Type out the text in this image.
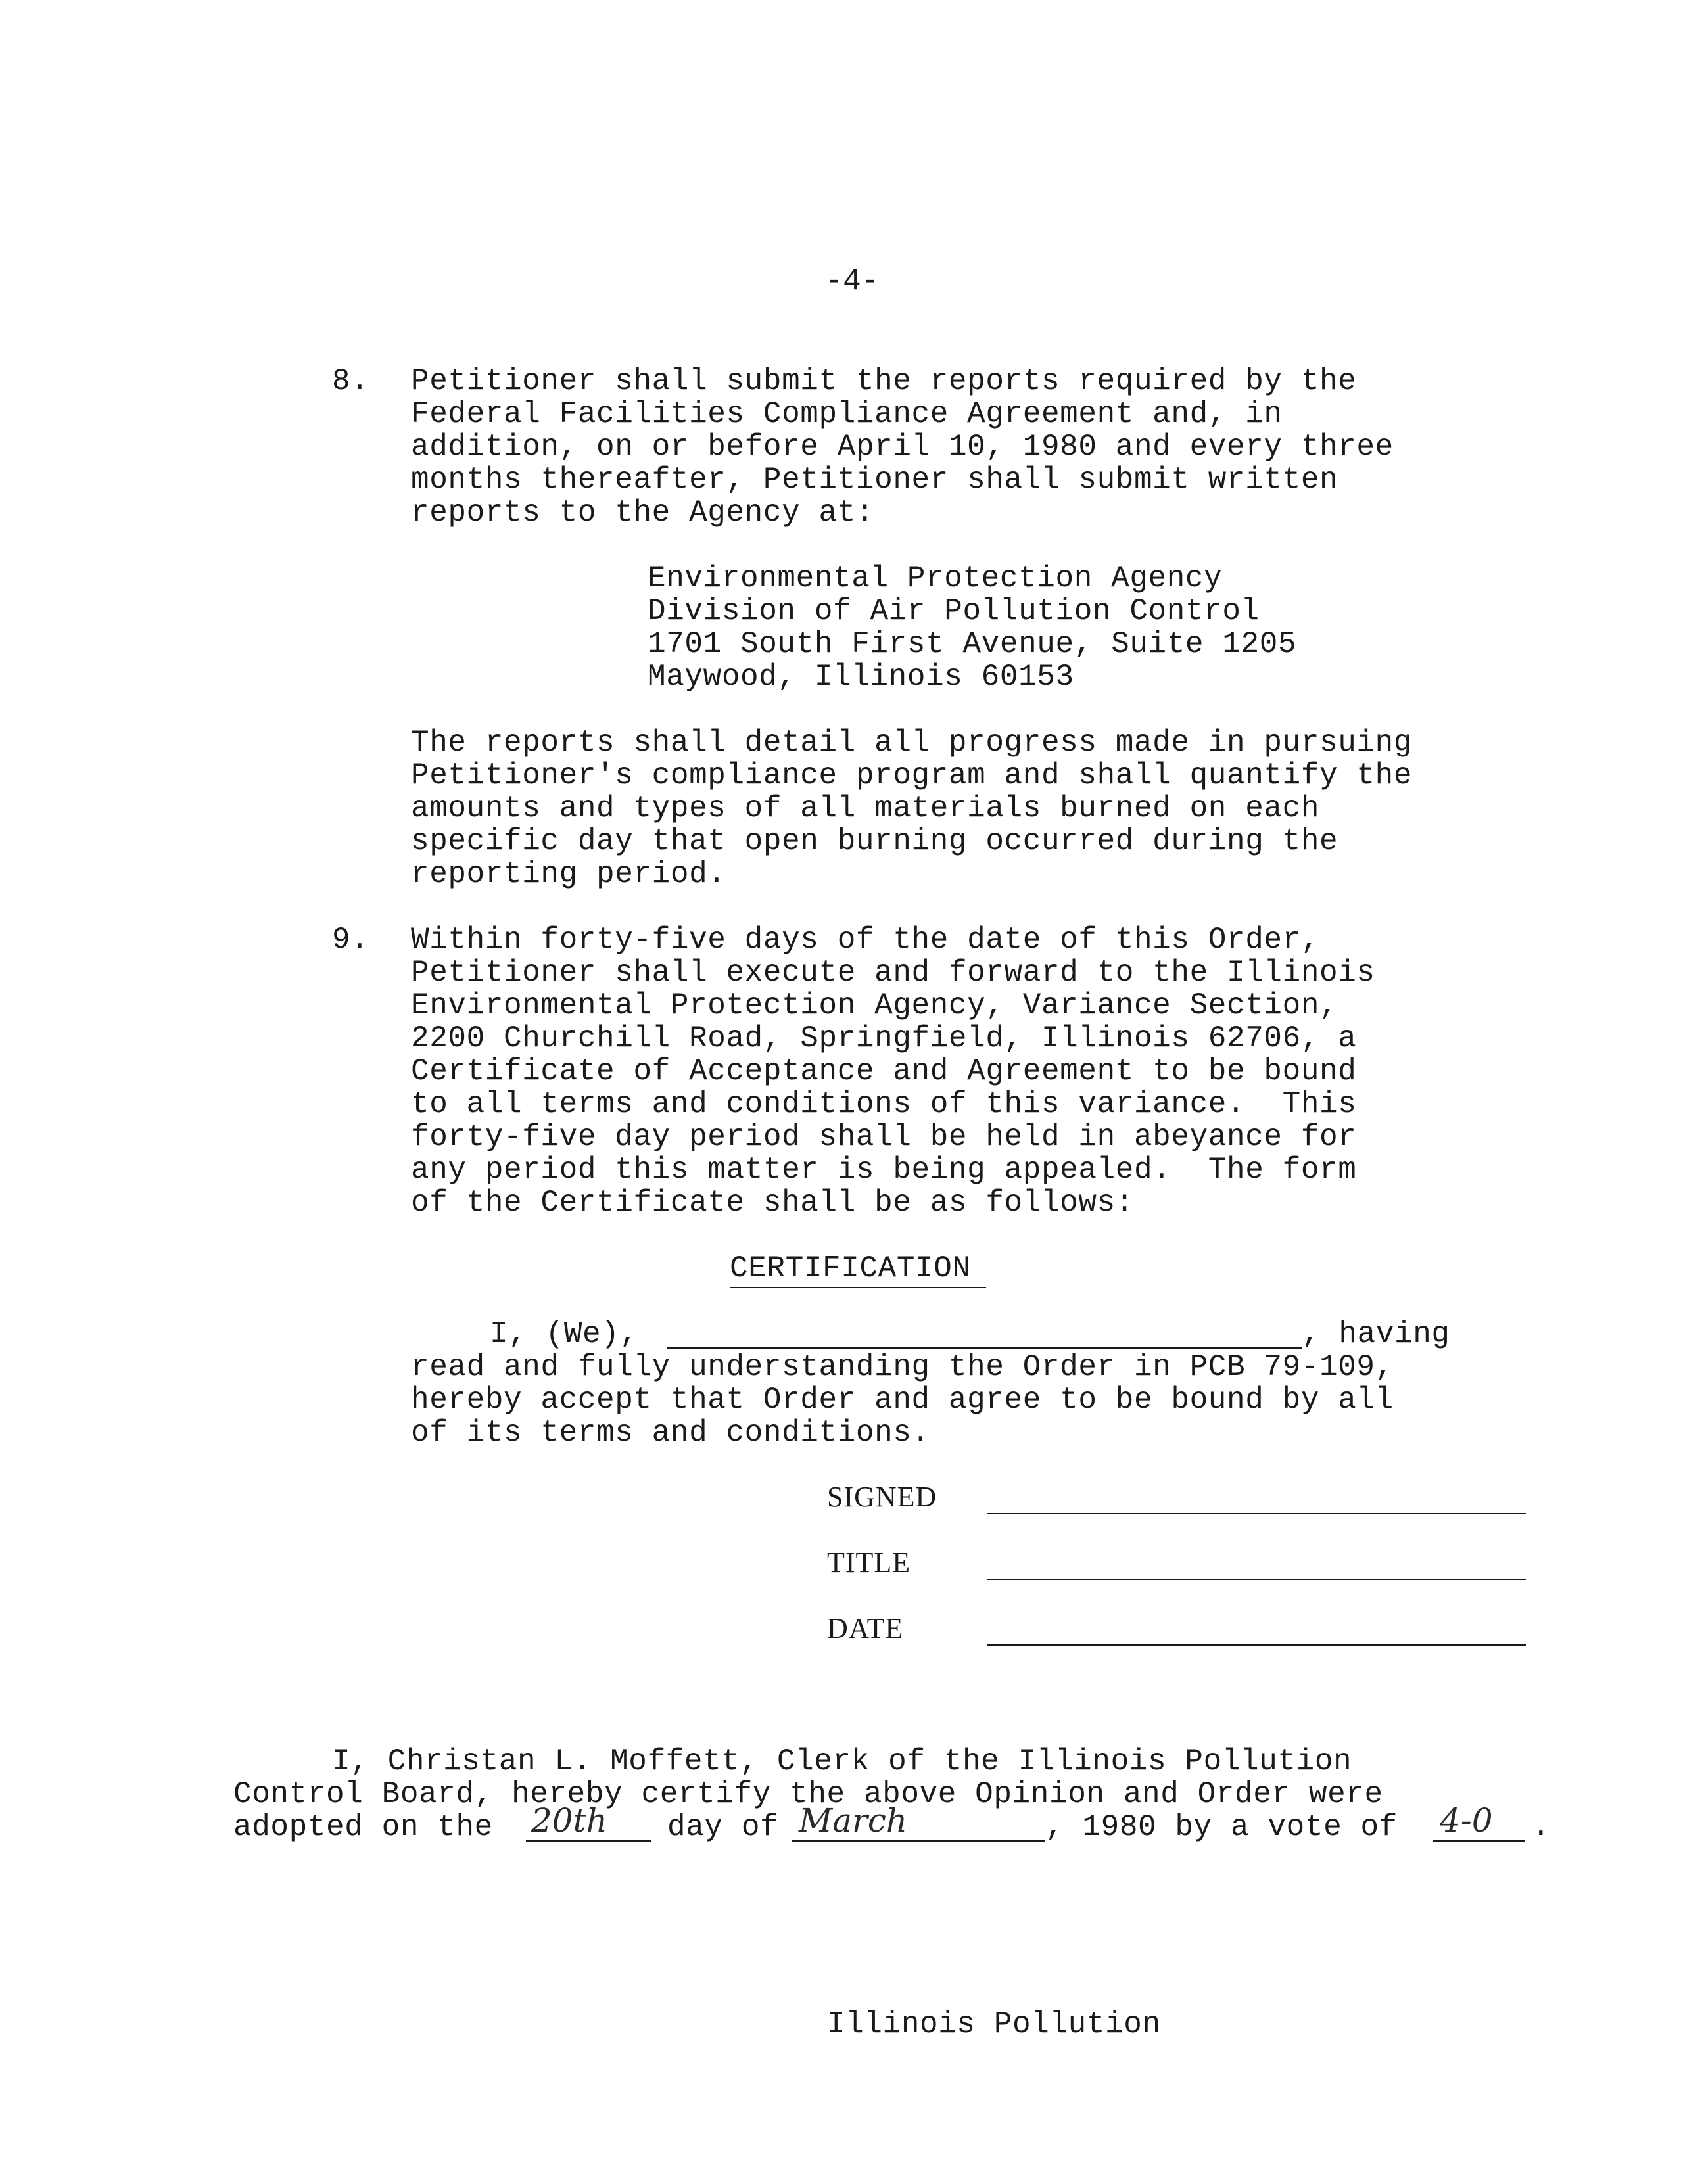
-4-
8. Petitioner shall submit the reports required by the
Federal Facilities Compliance Agreement and, in
addition, on or before April 10, 1980 and every three
months thereafter, Petitioner shall submit written
reports to the Agency at:
Environmental Protection Agency
Division of Air Pollution Control
1701 South First Avenue, Suite 1205
Maywood, Illinois 60153
The reports shall detail all progress made in pursuing
Petitioner's compliance program and shall quantify the
amounts and types of all materials burned on each
specific day that open burning occurred during the
reporting period.
9. Within forty-five days of the date of this Order,
Petitioner shall execute and forward to the Illinois
Environmental Protection Agency, Variance Section,
2200 Churchill Road, Springfield, Illinois 62706, a
Certificate of Acceptance and Agreement to be bound
to all terms and conditions of this variance.  This
forty-five day period shall be held in abeyance for
any period this matter is being appealed.  The form
of the Certificate shall be as follows:
CERTIFICATION
I, (We),	, having
read and fully understanding the Order in PCB 79-109,
hereby accept that Order and agree to be bound by all
of its terms and conditions.
SIGNED
TITLE
DATE
I, Christan L. Moffett, Clerk of the Illinois Pollution
Control Board, hereby certify the above Opinion and Order were
adopted on the 20th day of March	, 1980 by a vote of 4-0 .
Illinois Pollution
